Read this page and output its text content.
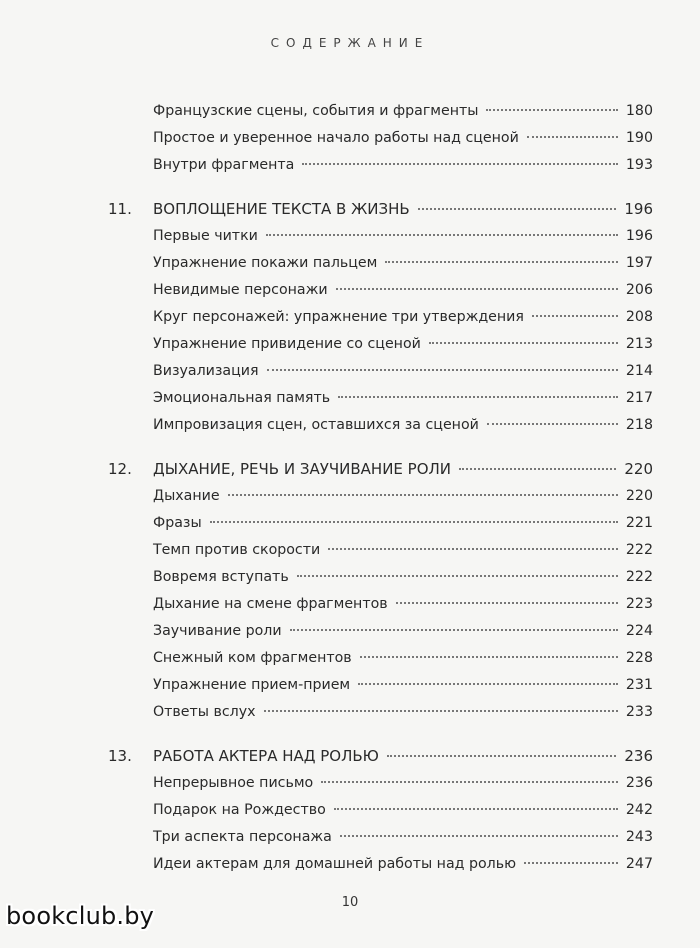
СОДЕРЖАНИЕ
Французские сцены, события и фрагменты	180
Простое и уверенное начало работы над сценой	190
Внутри фрагмента	193
11.	ВОПЛОЩЕНИЕ ТЕКСТА В ЖИЗНЬ	196
Первые читки	196
Упражнение покажи пальцем	197
Невидимые персонажи	206
Круг персонажей: упражнение три утверждения	208
Упражнение привидение со сценой	213
Визуализация	214
Эмоциональная память	217
Импровизация сцен, оставшихся за сценой	218
12.	ДЫХАНИЕ, РЕЧЬ И ЗАУЧИВАНИЕ РОЛИ	220
Дыхание	220
Фразы	221
Темп против скорости	222
Вовремя вступать	222
Дыхание на смене фрагментов	223
Заучивание роли	224
Снежный ком фрагментов	228
Упражнение прием-прием	231
Ответы вслух	233
13.	РАБОТА АКТЕРА НАД РОЛЬЮ	236
Непрерывное письмо	236
Подарок на Рождество	242
Три аспекта персонажа	243
Идеи актерам для домашней работы над ролью	247
10
bookclub.by
